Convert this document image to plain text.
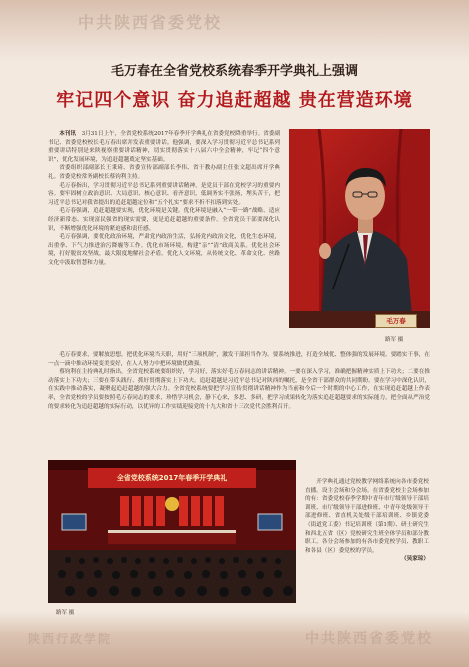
中共陕西省委党校
陕西行政学院	中共陕西省委党校
毛万春在全省党校系统春季开学典礼上强调
牢记四个意识 奋力追赶超越 贵在营造环境

本刊讯　 3月31日上午，全省党校系统2017年春季开学典礼在省委党校降重举行。省委副书记、省委党校校长毛万春出席并发表重要讲话。他强调，要深入学习贯彻习近平总书记系列重要讲话特别是来陕视察重要讲话精神，切实贯彻落实十八届六中全会精神，牢记“四个意识”，优化发展环境，为追赶超越奠定坚实基础。

省委组织部副部长王秉琦、省委宣传部副部长李伟、省干教办副主任张文超出席开学典礼。省委党校常务副校长蔡钧利主持。

毛万春指出，学习贯彻习近平总书记系列重要讲话精神，是党员干部在党校学习的重要内容。要牢固树立政治意识、大局意识、核心意识、看齐意识，低调务实不张扬，埋头苦干，把习近平总书记对我省提出的追赶超越定位和“五个扎实”要求不折不扣落到实处。

毛万春强调，追赶超越要实现，优化环境是关键。优化环境是融入“一带一路”战略、适应经济新常态、实现富民强省的现实需要，更是追赶超越的重要条件。全省党员干部要深化认识，不断增强优化环境的紧迫感和责任感。

毛万春强调，要优化政治环境，严肃党内政治生活，弘扬党内政治文化，优化生态环境，出重拳、下气力推进治污降霾等工作。优化市场环境，构建“亲”“清”政商关系。优化社会环境，打好脱贫攻坚战，最大限度地解社会矛盾。优化人文环境，从传统文化、革命文化、丝路文化中汲取智慧和力量。

毛万春
路军 摄

毛万春要求，要解放思想，把优化环境当天职，用好“三项机制”，激发干部担当作为。要系统推进，打造全域优、整体强的发展环境。要踏实干事，在一点一滴中推动环境变美变好，在人人努力中把环境做优做强。

蔡钧利在主持典礼时指出，全省党校系统要组织好，学习好，落实好毛万春同志的讲话精神。一要在深入学习，准确把握精神实质上下功夫；二要在推动落实上下功夫；三要在带头践行、抓好贯彻落实上下功夫。追赶超越是习近平总书记对陕西的嘱托，是全省干部群众的共同期盼。要在学习中深化认识，在实践中推动落实，凝聚起追赶超越的强大合力。全省党校系统要把学习宣传贯彻讲话精神作为当前和今后一个时期的中心工作，在实现追赶超越上作表率，全省党校的学员要按照毛万春同志的要求，珍惜学习机会，静下心来，多思、多研，把学习成果转化为落实追赶超越要求的实际能力。把全面从严治党的要求转化为追赶超越的实际行动，以优异的工作实绩迎接党的十九大和省十三次党代会胜利召开。

全省党校系统2017年春季开学典礼
路军 摄

开学典礼通过党校教学网络系统向各市委党校直播。设主会场和分会场。在省委党校主会场参加的有：省委党校春季学期中青年市厅级领导干部培训班、市厅级领导干部进修班、中青年处级领导干部进修班、省直机关处级干部培训班、乡镇党委（街道党工委）书记培训班（第1期）、研士研究生和西北五省（区）党校研究生班全体学员和部分教职工。各分会场参加的有各市委党校学员、教职工和各县（区）委党校的学员。

（吴家琮）
